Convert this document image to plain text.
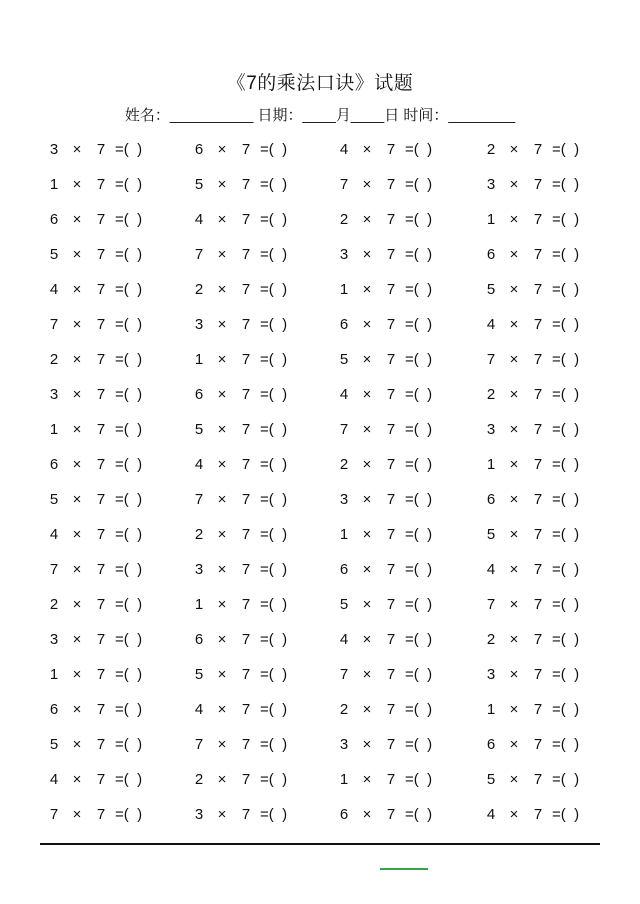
《7的乘法口诀》试题
姓名：__________ 日期：____月____日 时间：________
3 × 7 =(  )	6 × 7 =(  )	4 × 7 =(  )	2 × 7 =(  )
1 × 7 =(  )	5 × 7 =(  )	7 × 7 =(  )	3 × 7 =(  )
6 × 7 =(  )	4 × 7 =(  )	2 × 7 =(  )	1 × 7 =(  )
5 × 7 =(  )	7 × 7 =(  )	3 × 7 =(  )	6 × 7 =(  )
4 × 7 =(  )	2 × 7 =(  )	1 × 7 =(  )	5 × 7 =(  )
7 × 7 =(  )	3 × 7 =(  )	6 × 7 =(  )	4 × 7 =(  )
2 × 7 =(  )	1 × 7 =(  )	5 × 7 =(  )	7 × 7 =(  )
3 × 7 =(  )	6 × 7 =(  )	4 × 7 =(  )	2 × 7 =(  )
1 × 7 =(  )	5 × 7 =(  )	7 × 7 =(  )	3 × 7 =(  )
6 × 7 =(  )	4 × 7 =(  )	2 × 7 =(  )	1 × 7 =(  )
5 × 7 =(  )	7 × 7 =(  )	3 × 7 =(  )	6 × 7 =(  )
4 × 7 =(  )	2 × 7 =(  )	1 × 7 =(  )	5 × 7 =(  )
7 × 7 =(  )	3 × 7 =(  )	6 × 7 =(  )	4 × 7 =(  )
2 × 7 =(  )	1 × 7 =(  )	5 × 7 =(  )	7 × 7 =(  )
3 × 7 =(  )	6 × 7 =(  )	4 × 7 =(  )	2 × 7 =(  )
1 × 7 =(  )	5 × 7 =(  )	7 × 7 =(  )	3 × 7 =(  )
6 × 7 =(  )	4 × 7 =(  )	2 × 7 =(  )	1 × 7 =(  )
5 × 7 =(  )	7 × 7 =(  )	3 × 7 =(  )	6 × 7 =(  )
4 × 7 =(  )	2 × 7 =(  )	1 × 7 =(  )	5 × 7 =(  )
7 × 7 =(  )	3 × 7 =(  )	6 × 7 =(  )	4 × 7 =(  )
